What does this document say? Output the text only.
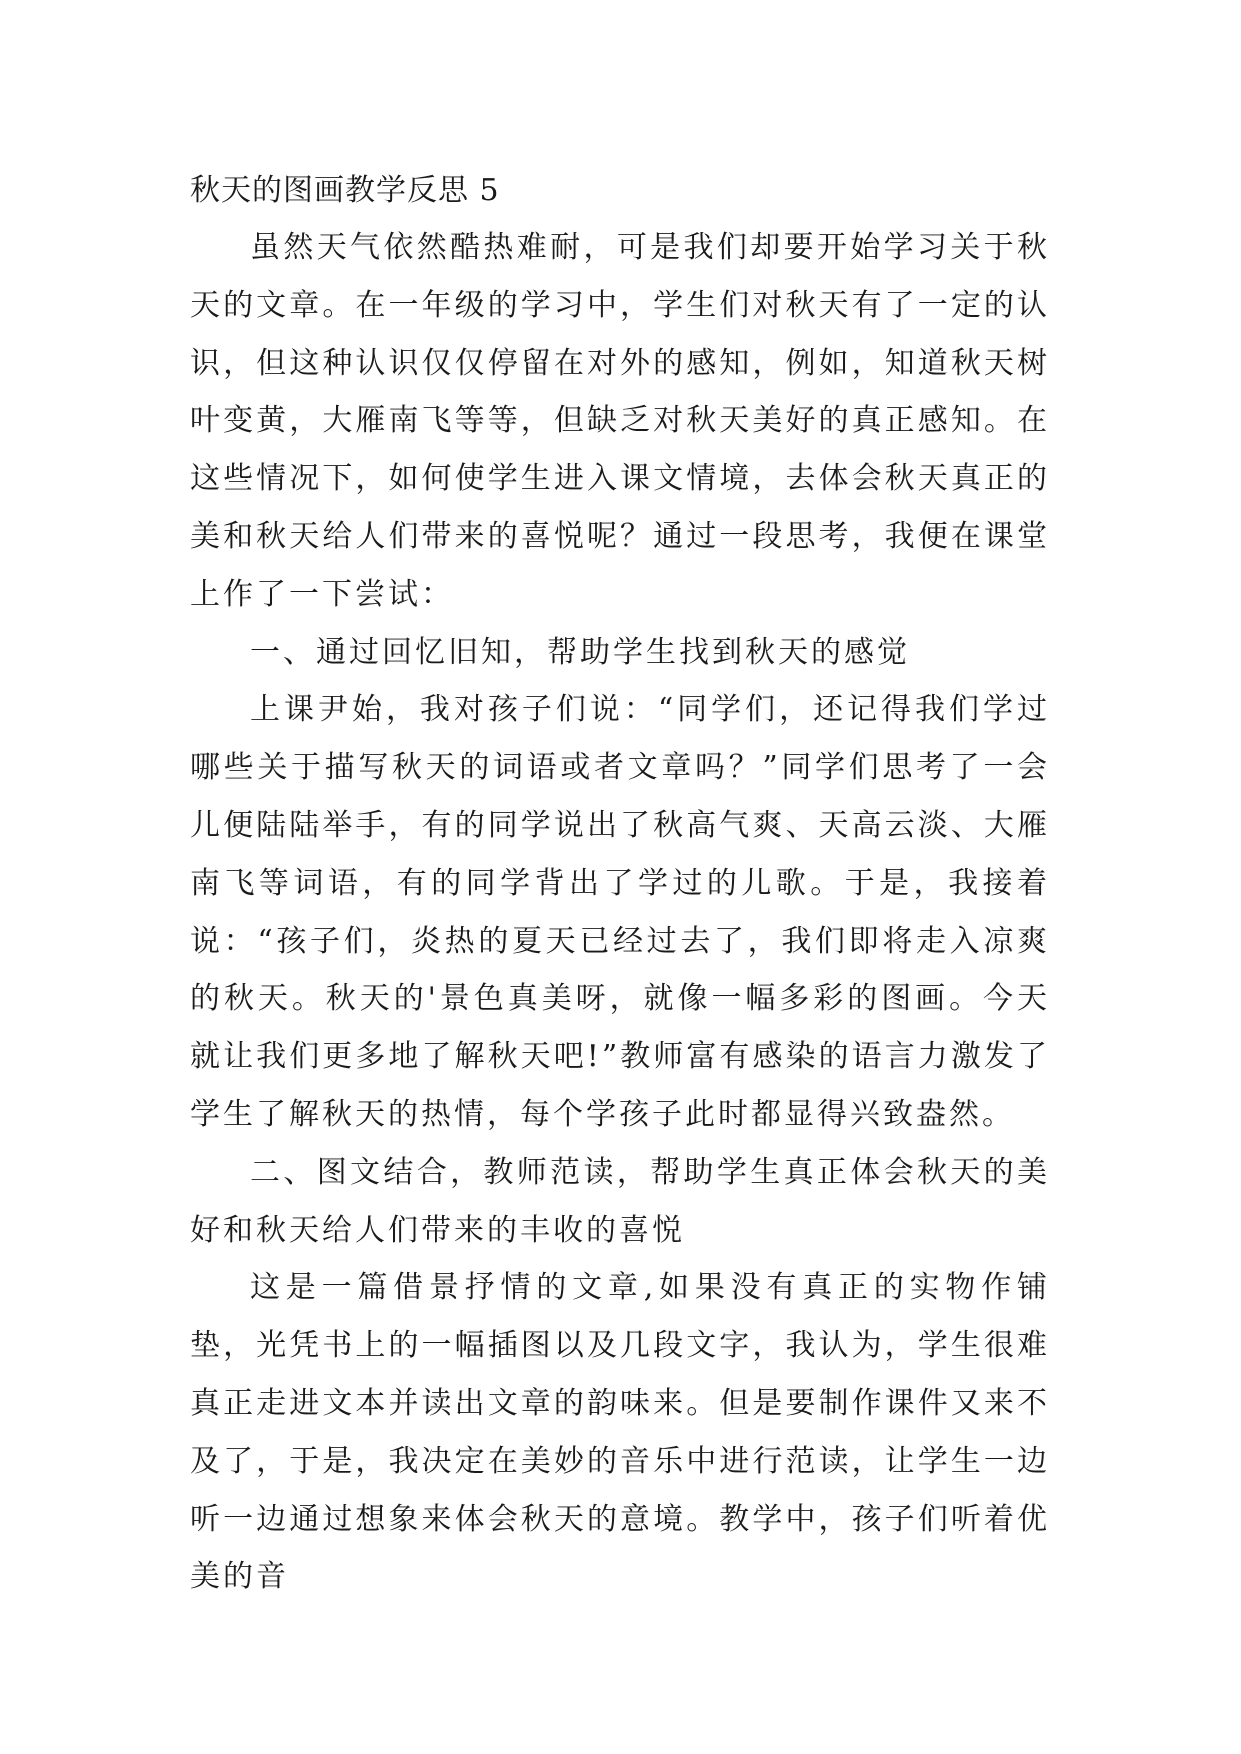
秋天的图画教学反思 5

虽然天气依然酷热难耐，可是我们却要开始学习关于秋天的文章。在一年级的学习中，学生们对秋天有了一定的认识，但这种认识仅仅停留在对外的感知，例如，知道秋天树叶变黄，大雁南飞等等，但缺乏对秋天美好的真正感知。在这些情况下，如何使学生进入课文情境，去体会秋天真正的美和秋天给人们带来的喜悦呢？通过一段思考，我便在课堂上作了一下尝试：

一、通过回忆旧知，帮助学生找到秋天的感觉

上课尹始，我对孩子们说：“同学们，还记得我们学过哪些关于描写秋天的词语或者文章吗？”同学们思考了一会儿便陆陆举手，有的同学说出了秋高气爽、天高云淡、大雁南飞等词语，有的同学背出了学过的儿歌。于是，我接着说：“孩子们，炎热的夏天已经过去了，我们即将走入凉爽的秋天。秋天的'景色真美呀，就像一幅多彩的图画。今天就让我们更多地了解秋天吧!”教师富有感染的语言力激发了学生了解秋天的热情，每个学孩子此时都显得兴致盎然。

二、图文结合，教师范读，帮助学生真正体会秋天的美好和秋天给人们带来的丰收的喜悦

这是一篇借景抒情的文章,如果没有真正的实物作铺垫，光凭书上的一幅插图以及几段文字，我认为，学生很难真正走进文本并读出文章的韵味来。但是要制作课件又来不及了，于是，我决定在美妙的音乐中进行范读，让学生一边听一边通过想象来体会秋天的意境。教学中，孩子们听着优美的音
